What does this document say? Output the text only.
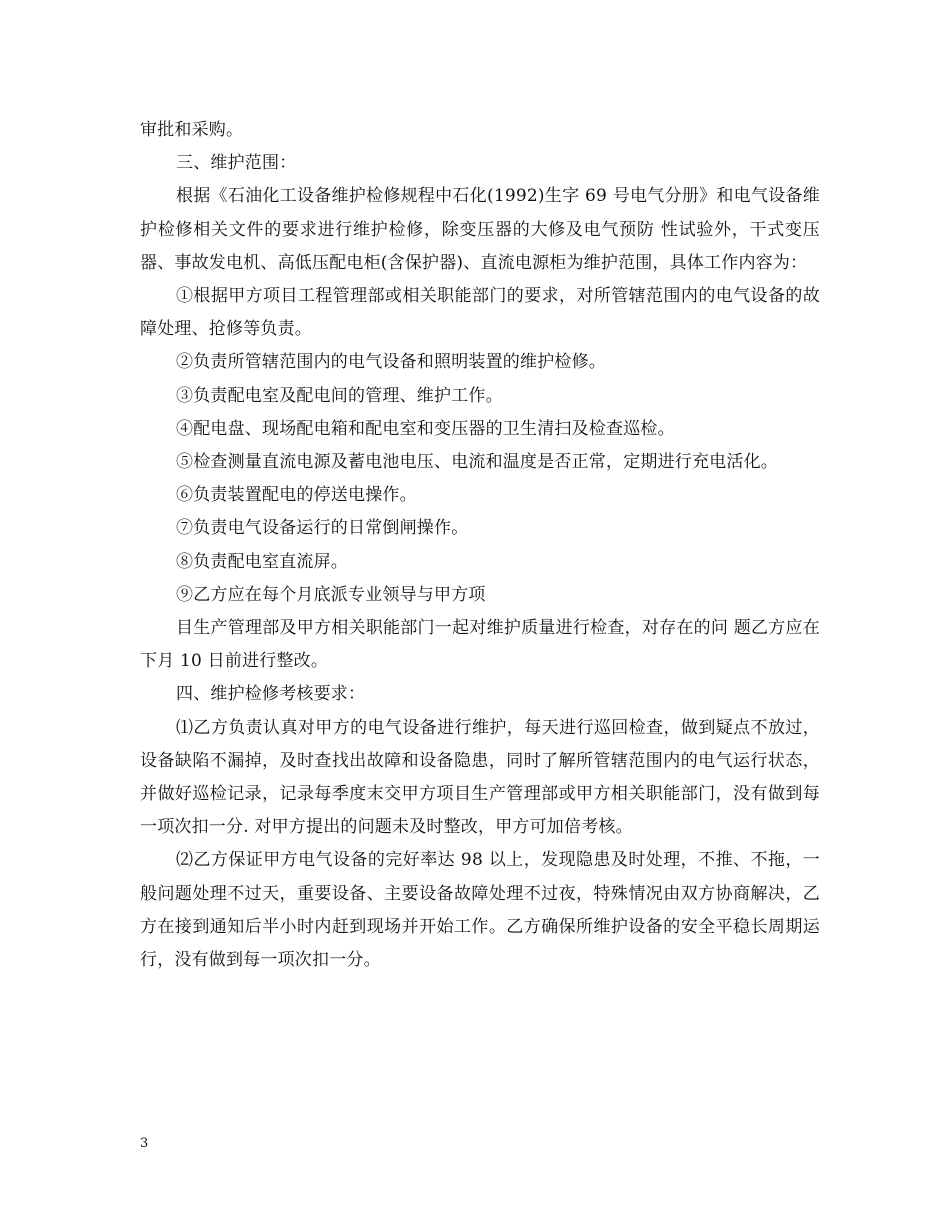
审批和采购。

三、维护范围：

根据《石油化工设备维护检修规程中石化(1992)生字 69 号电气分册》和电气设备维护检修相关文件的要求进行维护检修，除变压器的大修及电气预防 性试验外，干式变压器、事故发电机、高低压配电柜(含保护器)、直流电源柜为维护范围，具体工作内容为：

①根据甲方项目工程管理部或相关职能部门的要求，对所管辖范围内的电气设备的故障处理、抢修等负责。

②负责所管辖范围内的电气设备和照明装置的维护检修。

③负责配电室及配电间的管理、维护工作。

④配电盘、现场配电箱和配电室和变压器的卫生清扫及检查巡检。

⑤检查测量直流电源及蓄电池电压、电流和温度是否正常，定期进行充电活化。

⑥负责装置配电的停送电操作。

⑦负责电气设备运行的日常倒闸操作。

⑧负责配电室直流屏。

⑨乙方应在每个月底派专业领导与甲方项

目生产管理部及甲方相关职能部门一起对维护质量进行检查，对存在的问 题乙方应在下月 10 日前进行整改。

四、维护检修考核要求：

⑴乙方负责认真对甲方的电气设备进行维护，每天进行巡回检查，做到疑点不放过，设备缺陷不漏掉，及时查找出故障和设备隐患，同时了解所管辖范围内的电气运行状态，并做好巡检记录，记录每季度末交甲方项目生产管理部或甲方相关职能部门，没有做到每一项次扣一分. 对甲方提出的问题未及时整改，甲方可加倍考核。

⑵乙方保证甲方电气设备的完好率达 98 以上，发现隐患及时处理，不推、不拖，一般问题处理不过天，重要设备、主要设备故障处理不过夜，特殊情况由双方协商解决，乙方在接到通知后半小时内赶到现场并开始工作。乙方确保所维护设备的安全平稳长周期运行，没有做到每一项次扣一分。

3
